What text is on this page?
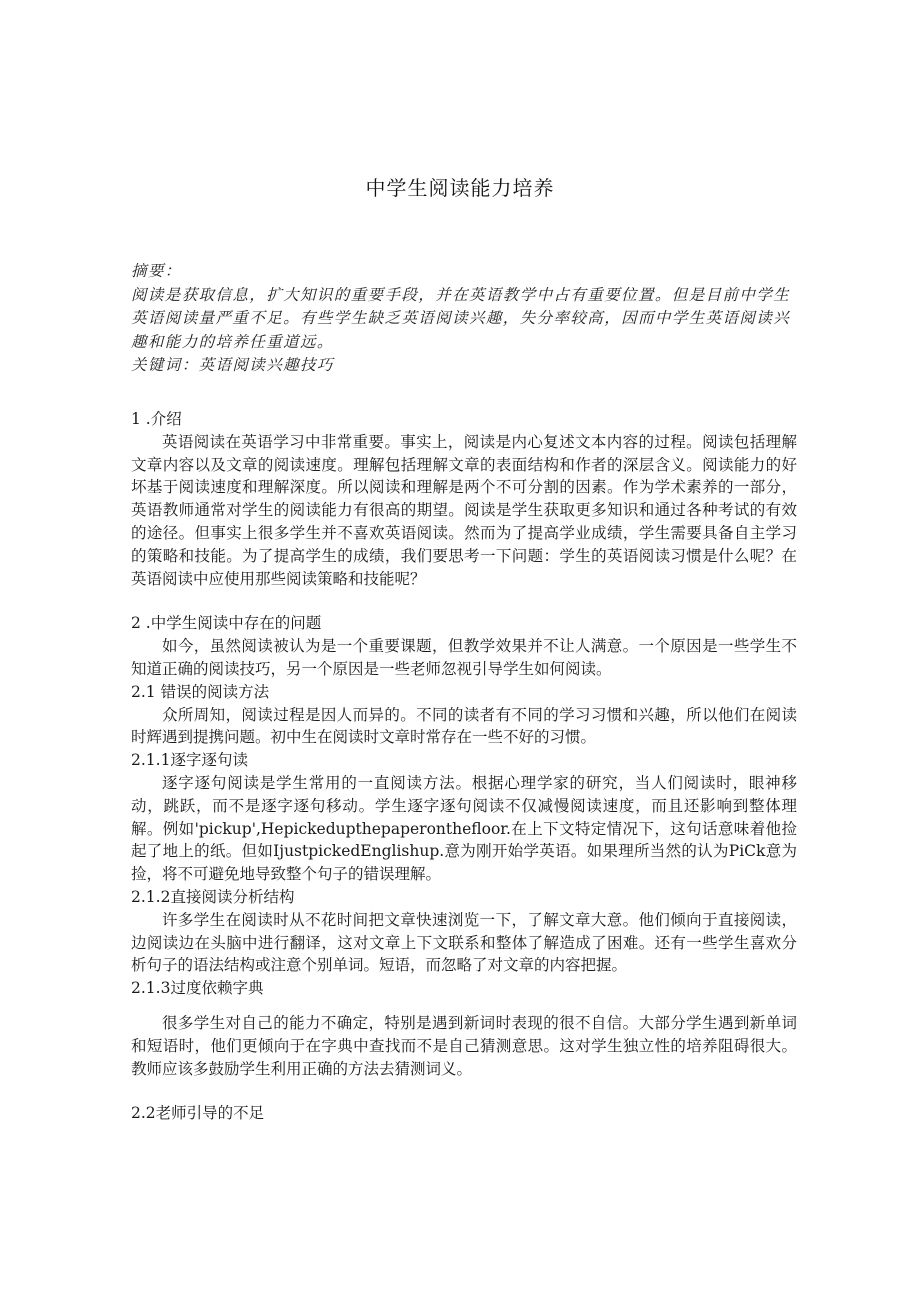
中学生阅读能力培养

摘要：

阅读是获取信息，扩大知识的重要手段，并在英语教学中占有重要位置。但是目前中学生英语阅读量严重不足。有些学生缺乏英语阅读兴趣，失分率较高，因而中学生英语阅读兴趣和能力的培养任重道远。

关键词：英语阅读兴趣技巧

1 .介绍

英语阅读在英语学习中非常重要。事实上，阅读是内心复述文本内容的过程。阅读包括理解文章内容以及文章的阅读速度。理解包括理解文章的表面结构和作者的深层含义。阅读能力的好坏基于阅读速度和理解深度。所以阅读和理解是两个不可分割的因素。作为学术素养的一部分，英语教师通常对学生的阅读能力有很高的期望。阅读是学生获取更多知识和通过各种考试的有效的途径。但事实上很多学生并不喜欢英语阅读。然而为了提高学业成绩，学生需要具备自主学习的策略和技能。为了提高学生的成绩，我们要思考一下问题：学生的英语阅读习惯是什么呢？在英语阅读中应使用那些阅读策略和技能呢？

2 .中学生阅读中存在的问题

如今，虽然阅读被认为是一个重要课题，但教学效果并不让人满意。一个原因是一些学生不知道正确的阅读技巧，另一个原因是一些老师忽视引导学生如何阅读。

2.1 错误的阅读方法

众所周知，阅读过程是因人而异的。不同的读者有不同的学习习惯和兴趣，所以他们在阅读时辉遇到提携问题。初中生在阅读时文章时常存在一些不好的习惯。

2.1.1逐字逐句读

逐字逐句阅读是学生常用的一直阅读方法。根据心理学家的研究，当人们阅读时，眼神移动，跳跃，而不是逐字逐句移动。学生逐字逐句阅读不仅减慢阅读速度，而且还影响到整体理解。例如'pickup',Hepickedupthepaperonthefloor.在上下文特定情况下，这句话意味着他捡起了地上的纸。但如IjustpickedEnglishup.意为刚开始学英语。如果理所当然的认为PiCk意为捡，将不可避免地导致整个句子的错误理解。

2.1.2直接阅读分析结构

许多学生在阅读时从不花时间把文章快速浏览一下，了解文章大意。他们倾向于直接阅读，边阅读边在头脑中进行翻译，这对文章上下文联系和整体了解造成了困难。还有一些学生喜欢分析句子的语法结构或注意个别单词。短语，而忽略了对文章的内容把握。

2.1.3过度依赖字典

很多学生对自己的能力不确定，特别是遇到新词时表现的很不自信。大部分学生遇到新单词和短语时，他们更倾向于在字典中查找而不是自己猜测意思。这对学生独立性的培养阻碍很大。教师应该多鼓励学生利用正确的方法去猜测词义。

2.2老师引导的不足
